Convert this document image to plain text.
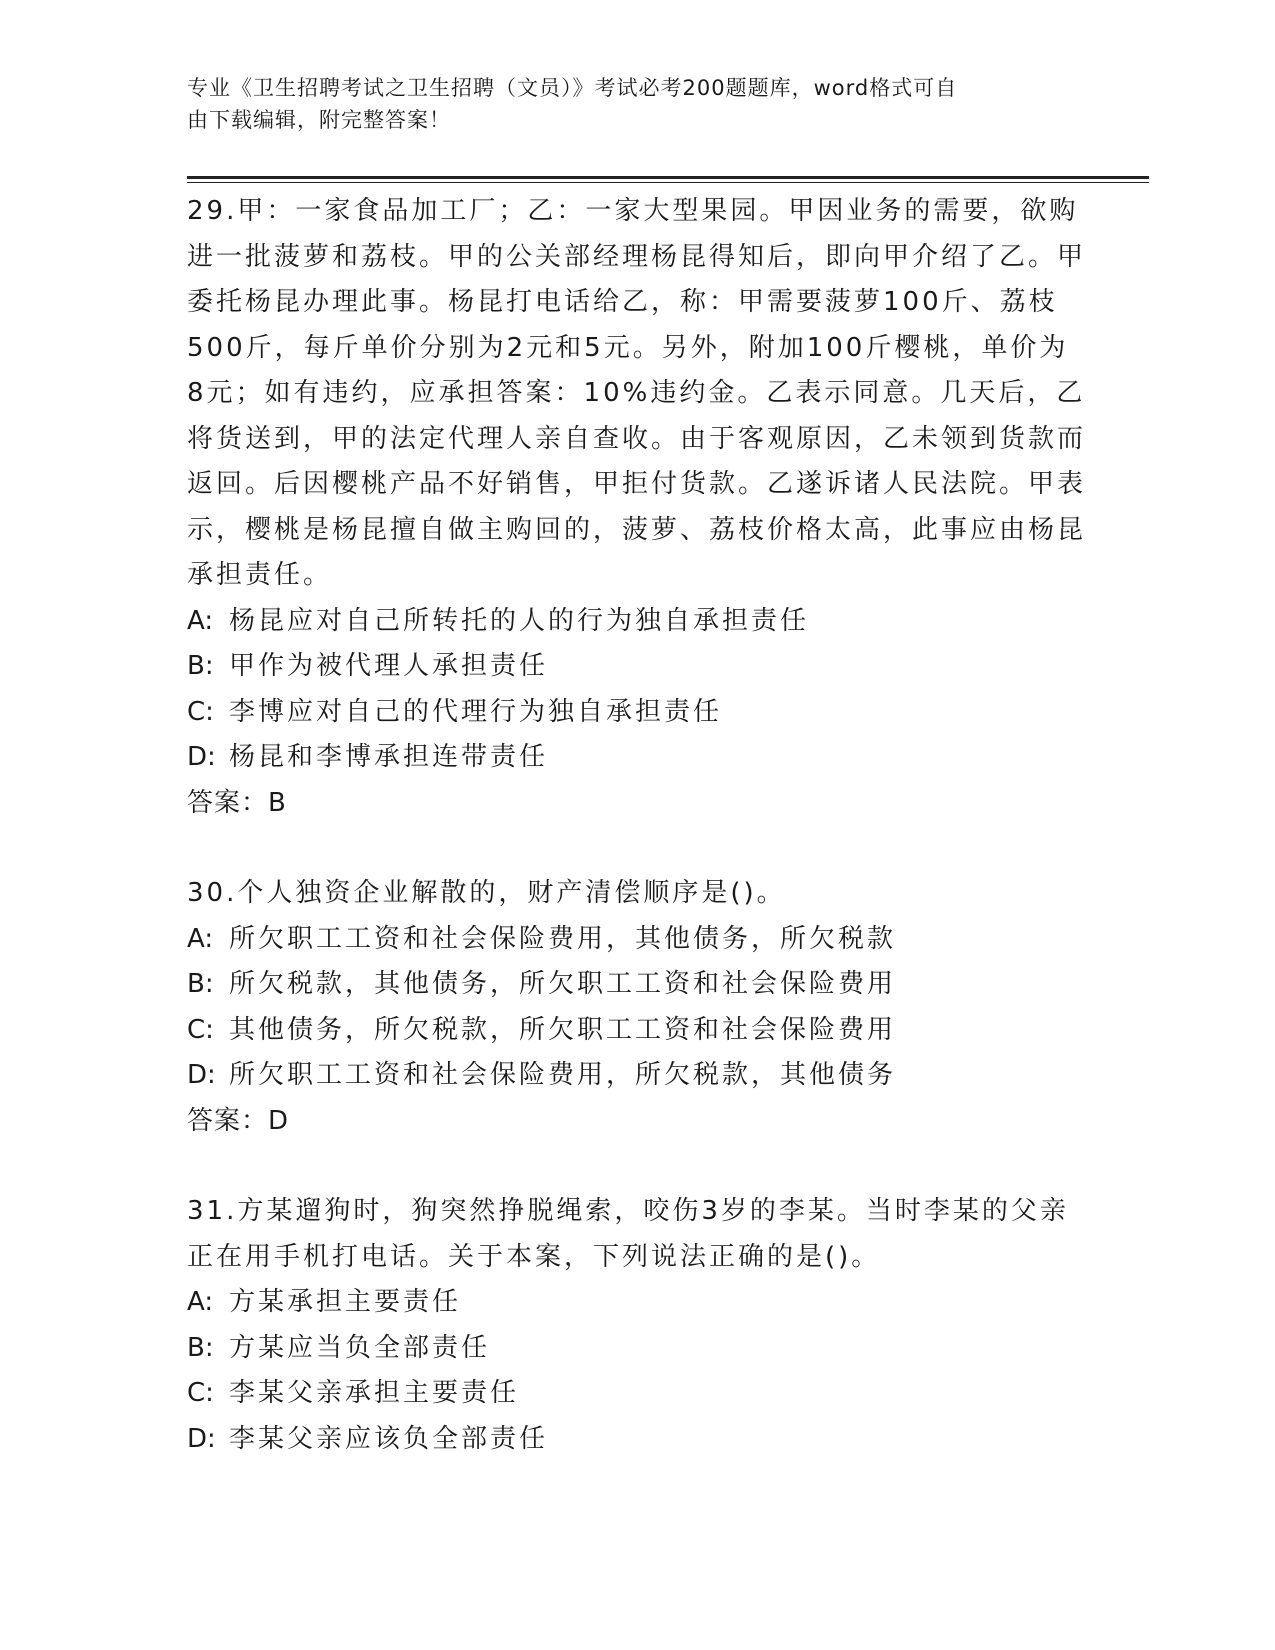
专业《卫生招聘考试之卫生招聘（文员）》考试必考200题题库，word格式可自
由下载编辑，附完整答案！

29.甲：一家食品加工厂；乙：一家大型果园。甲因业务的需要，欲购进一批菠萝和荔枝。甲的公关部经理杨昆得知后，即向甲介绍了乙。甲委托杨昆办理此事。杨昆打电话给乙，称：甲需要菠萝100斤、荔枝500斤，每斤单价分别为2元和5元。另外，附加100斤樱桃，单价为8元；如有违约，应承担答案：10%违约金。乙表示同意。几天后，乙将货送到，甲的法定代理人亲自查收。由于客观原因，乙未领到货款而返回。后因樱桃产品不好销售，甲拒付货款。乙遂诉诸人民法院。甲表示，樱桃是杨昆擅自做主购回的，菠萝、荔枝价格太高，此事应由杨昆承担责任。

A: 杨昆应对自己所转托的人的行为独自承担责任

B: 甲作为被代理人承担责任

C: 李博应对自己的代理行为独自承担责任

D: 杨昆和李博承担连带责任

答案：B

30.个人独资企业解散的，财产清偿顺序是()。

A: 所欠职工工资和社会保险费用，其他债务，所欠税款

B: 所欠税款，其他债务，所欠职工工资和社会保险费用

C: 其他债务，所欠税款，所欠职工工资和社会保险费用

D: 所欠职工工资和社会保险费用，所欠税款，其他债务

答案：D

31.方某遛狗时，狗突然挣脱绳索，咬伤3岁的李某。当时李某的父亲正在用手机打电话。关于本案，下列说法正确的是()。

A: 方某承担主要责任

B: 方某应当负全部责任

C: 李某父亲承担主要责任

D: 李某父亲应该负全部责任
